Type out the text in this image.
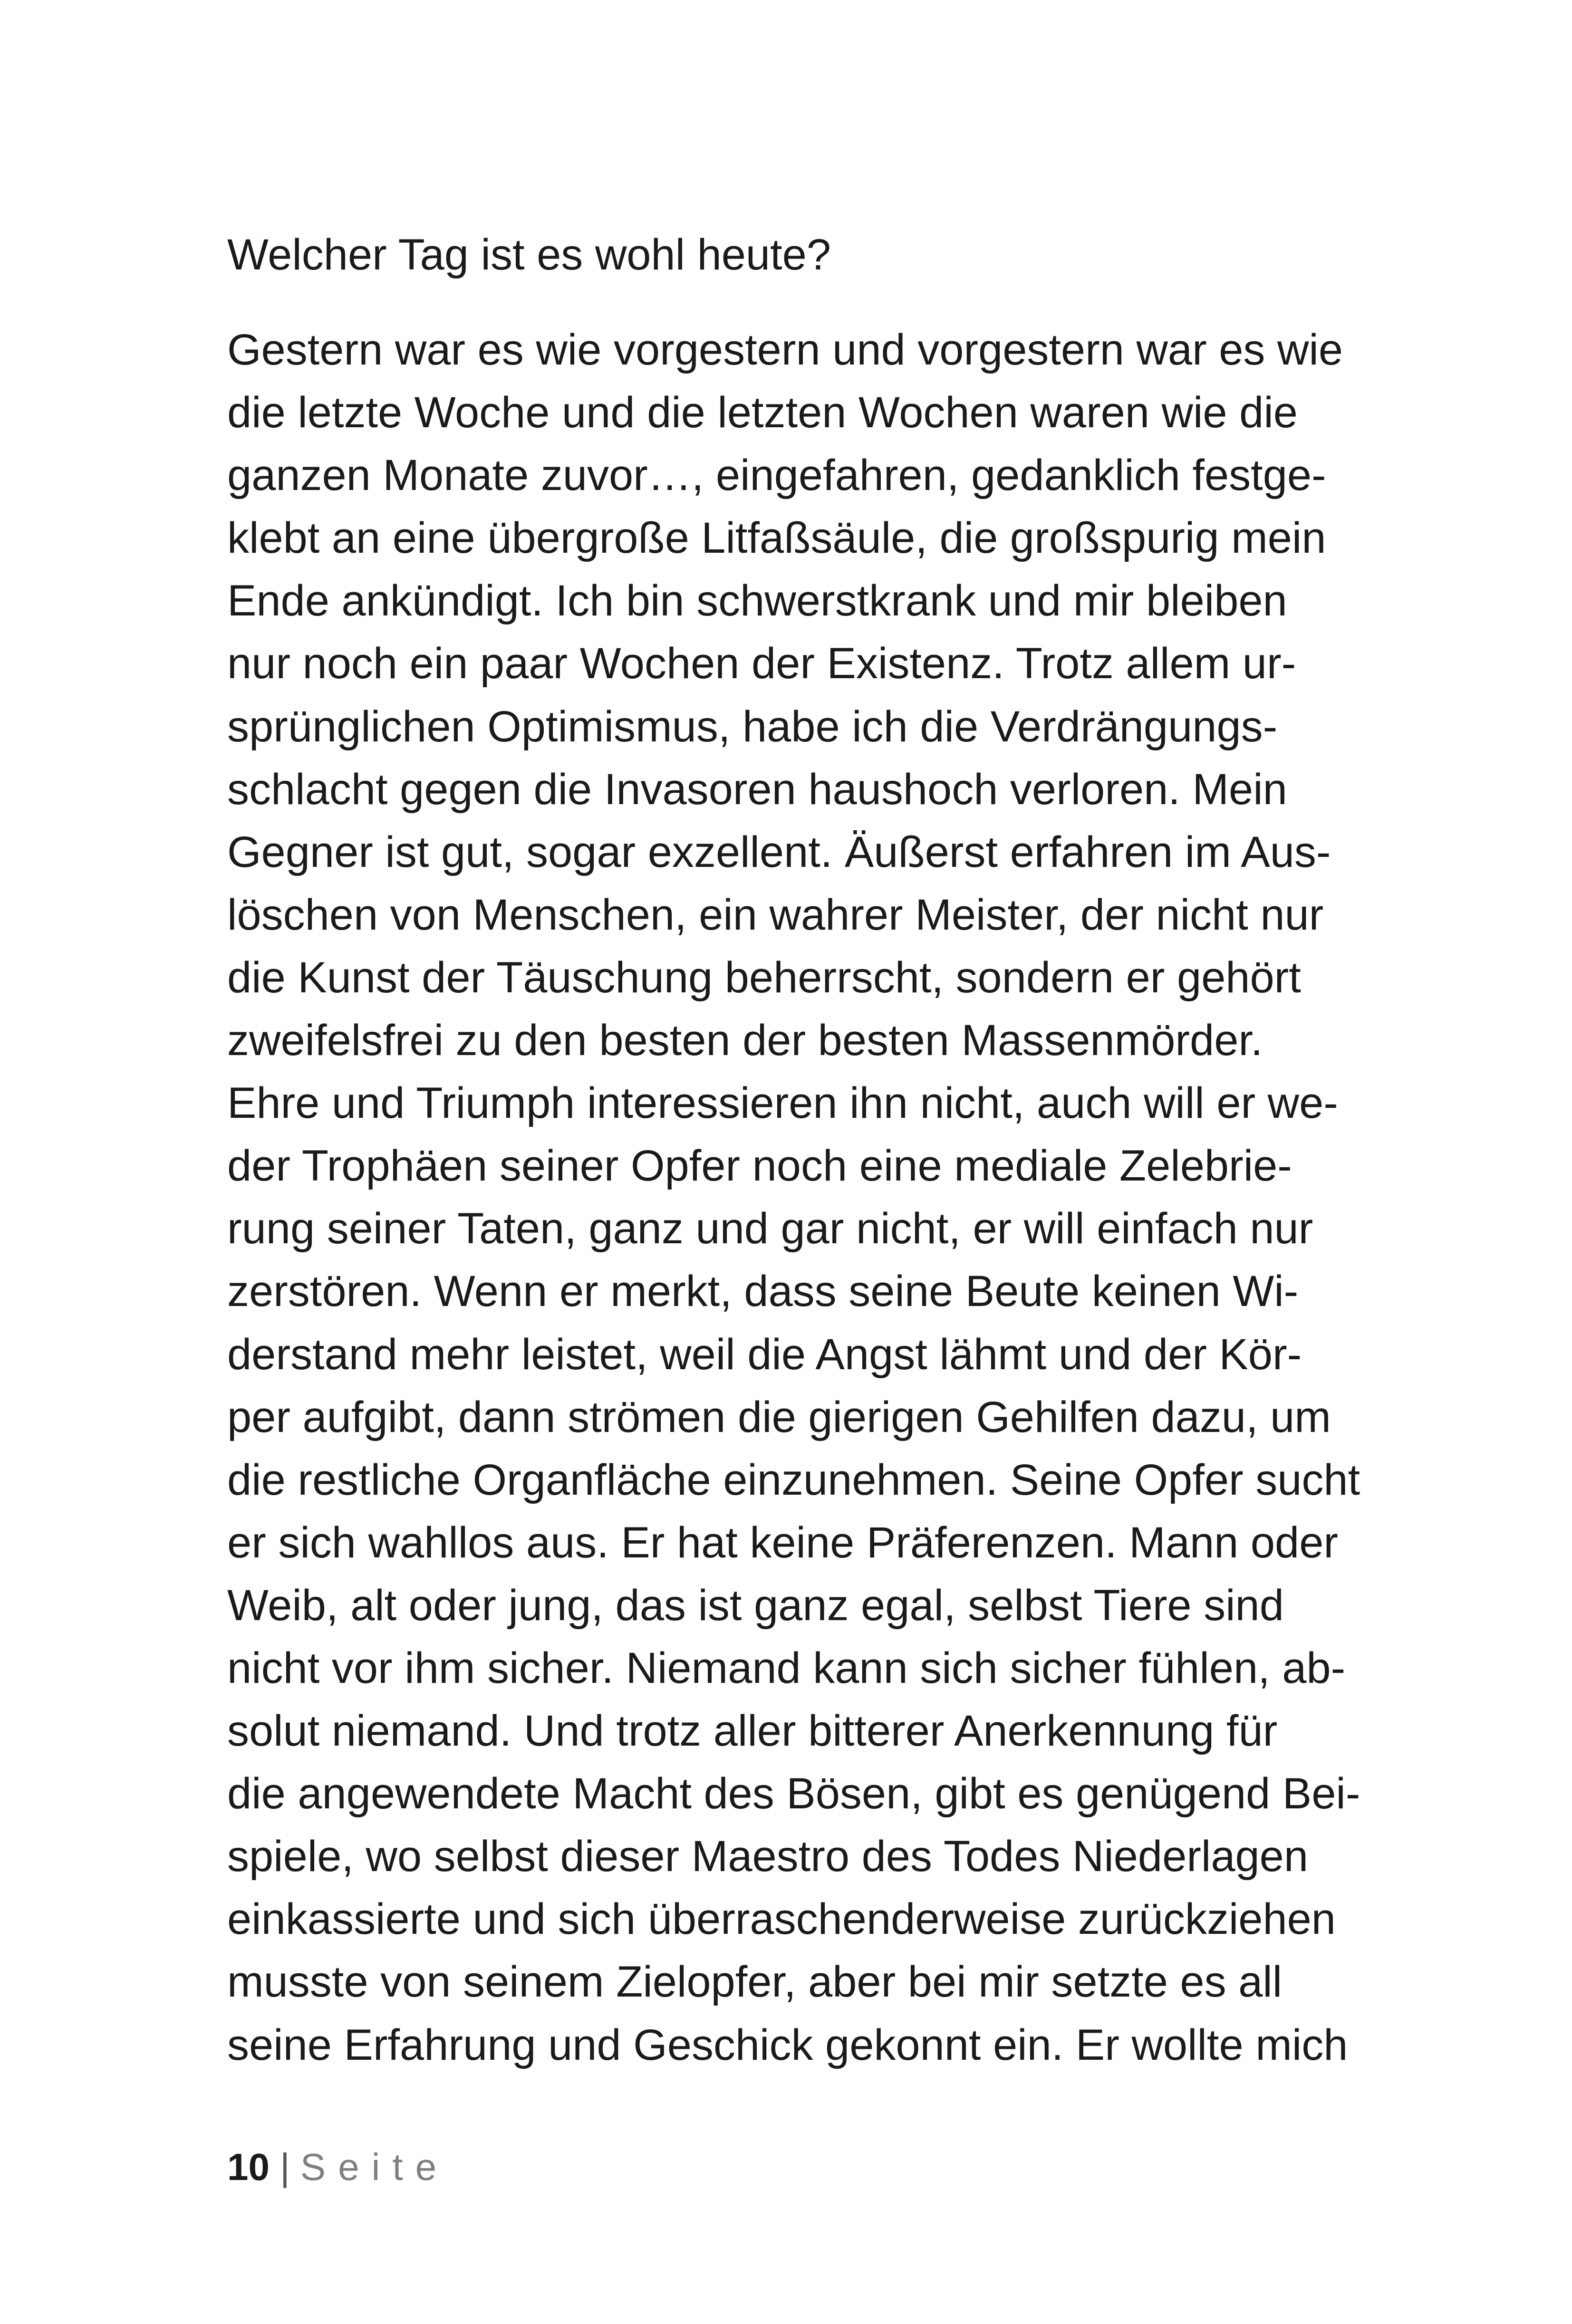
Welcher Tag ist es wohl heute?

Gestern war es wie vorgestern und vorgestern war es wie
die letzte Woche und die letzten Wochen waren wie die
ganzen Monate zuvor…, eingefahren, gedanklich festge-
klebt an eine übergroße Litfaßsäule, die großspurig mein
Ende ankündigt. Ich bin schwerstkrank und mir bleiben
nur noch ein paar Wochen der Existenz. Trotz allem ur-
sprünglichen Optimismus, habe ich die Verdrängungs-
schlacht gegen die Invasoren haushoch verloren. Mein
Gegner ist gut, sogar exzellent. Äußerst erfahren im Aus-
löschen von Menschen, ein wahrer Meister, der nicht nur
die Kunst der Täuschung beherrscht, sondern er gehört
zweifelsfrei zu den besten der besten Massenmörder.
Ehre und Triumph interessieren ihn nicht, auch will er we-
der Trophäen seiner Opfer noch eine mediale Zelebrie-
rung seiner Taten, ganz und gar nicht, er will einfach nur
zerstören. Wenn er merkt, dass seine Beute keinen Wi-
derstand mehr leistet, weil die Angst lähmt und der Kör-
per aufgibt, dann strömen die gierigen Gehilfen dazu, um
die restliche Organfläche einzunehmen. Seine Opfer sucht
er sich wahllos aus. Er hat keine Präferenzen. Mann oder
Weib, alt oder jung, das ist ganz egal, selbst Tiere sind
nicht vor ihm sicher. Niemand kann sich sicher fühlen, ab-
solut niemand. Und trotz aller bitterer Anerkennung für
die angewendete Macht des Bösen, gibt es genügend Bei-
spiele, wo selbst dieser Maestro des Todes Niederlagen
einkassierte und sich überraschenderweise zurückziehen
musste von seinem Zielopfer, aber bei mir setzte es all
seine Erfahrung und Geschick gekonnt ein. Er wollte mich
10 | Seite
